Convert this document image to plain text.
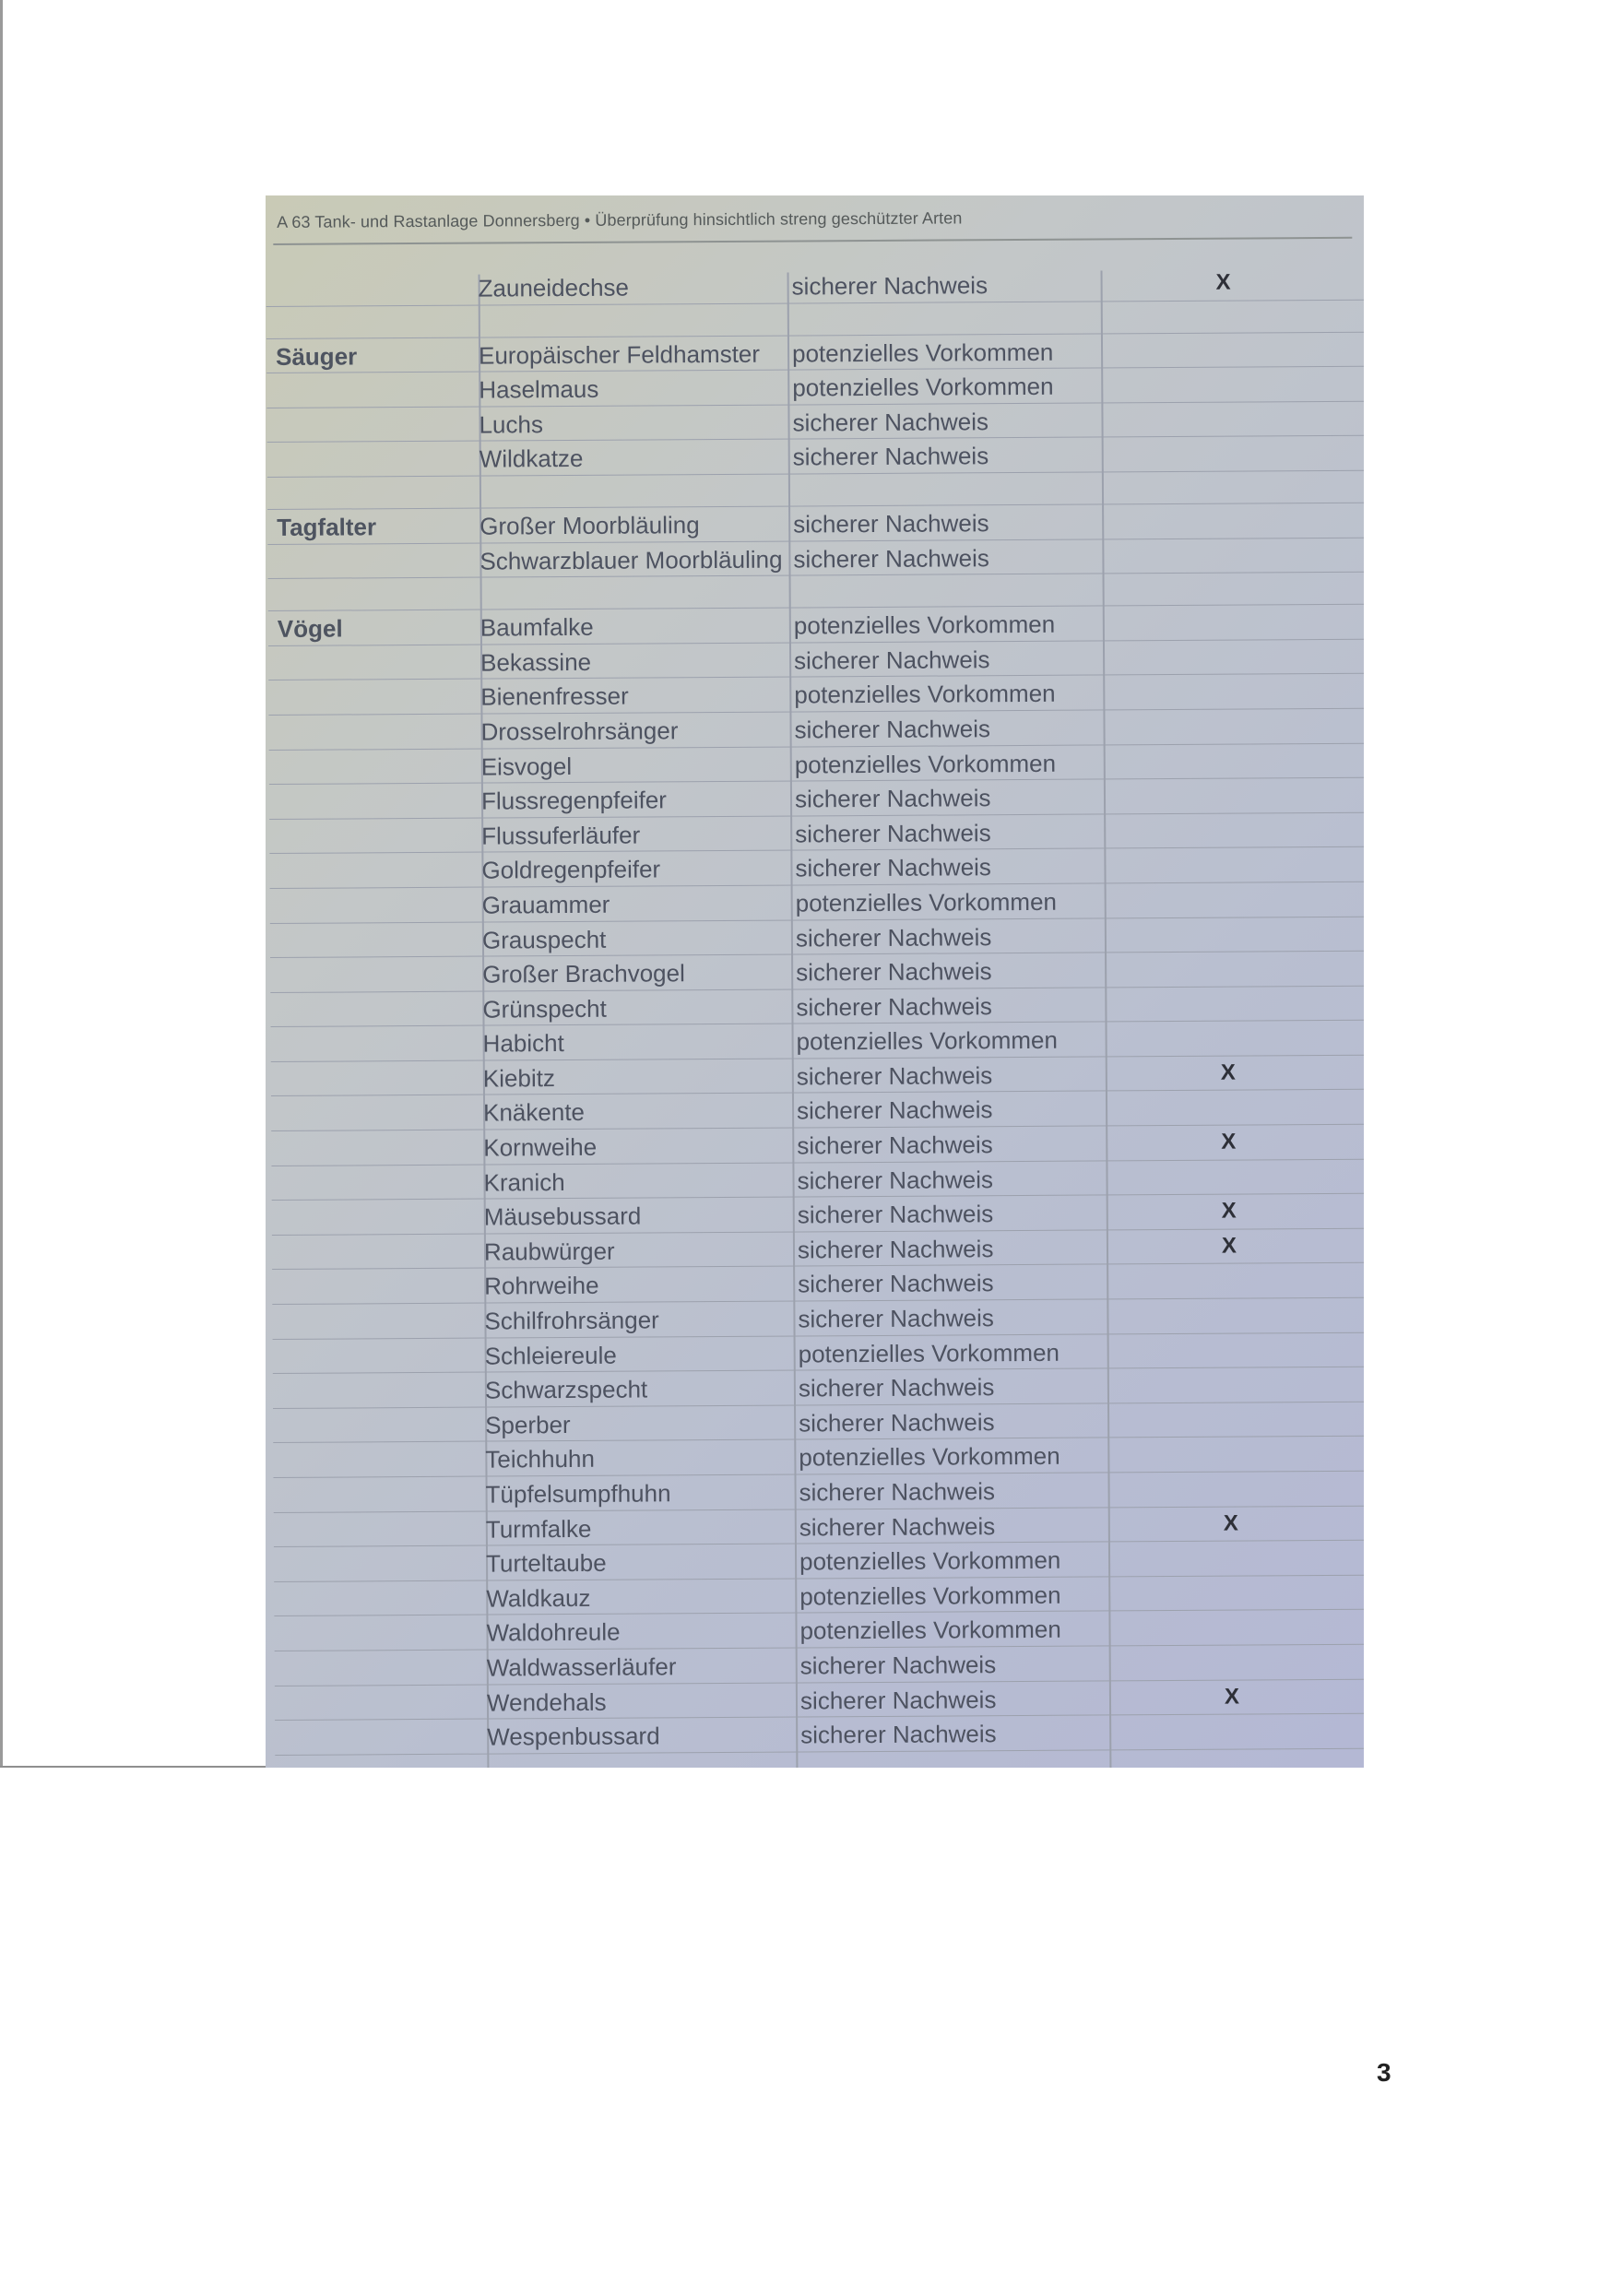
A 63 Tank- und Rastanlage Donnersberg • Überprüfung hinsichtlich streng geschützter Arten
Zauneidechse	sicherer Nachweis	X
Säuger	Europäischer Feldhamster potenzielles Vorkommen
Haselmaus	potenzielles Vorkommen
Luchs	sicherer Nachweis
Wildkatze	sicherer Nachweis
Tagfalter	Großer Moorbläuling	sicherer Nachweis
Schwarzblauer Moorbläuling sicherer Nachweis
Vögel	Baumfalke	potenzielles Vorkommen
Bekassine	sicherer Nachweis
Bienenfresser	potenzielles Vorkommen
Drosselrohrsänger	sicherer Nachweis
Eisvogel	potenzielles Vorkommen
Flussregenpfeifer	sicherer Nachweis
Flussuferläufer	sicherer Nachweis
Goldregenpfeifer	sicherer Nachweis
Grauammer	potenzielles Vorkommen
Grauspecht	sicherer Nachweis
Großer Brachvogel	sicherer Nachweis
Grünspecht	sicherer Nachweis
Habicht	potenzielles Vorkommen
Kiebitz	sicherer Nachweis	X
Knäkente	sicherer Nachweis
Kornweihe	sicherer Nachweis	X
Kranich	sicherer Nachweis
Mäusebussard	sicherer Nachweis	X
Raubwürger	sicherer Nachweis	X
Rohrweihe	sicherer Nachweis
Schilfrohrsänger	sicherer Nachweis
Schleiereule	potenzielles Vorkommen
Schwarzspecht	sicherer Nachweis
Sperber	sicherer Nachweis
Teichhuhn	potenzielles Vorkommen
Tüpfelsumpfhuhn	sicherer Nachweis
Turmfalke	sicherer Nachweis	X
Turteltaube	potenzielles Vorkommen
Waldkauz	potenzielles Vorkommen
Waldohreule	potenzielles Vorkommen
Waldwasserläufer	sicherer Nachweis
Wendehals	sicherer Nachweis	X
Wespenbussard	sicherer Nachweis
3
